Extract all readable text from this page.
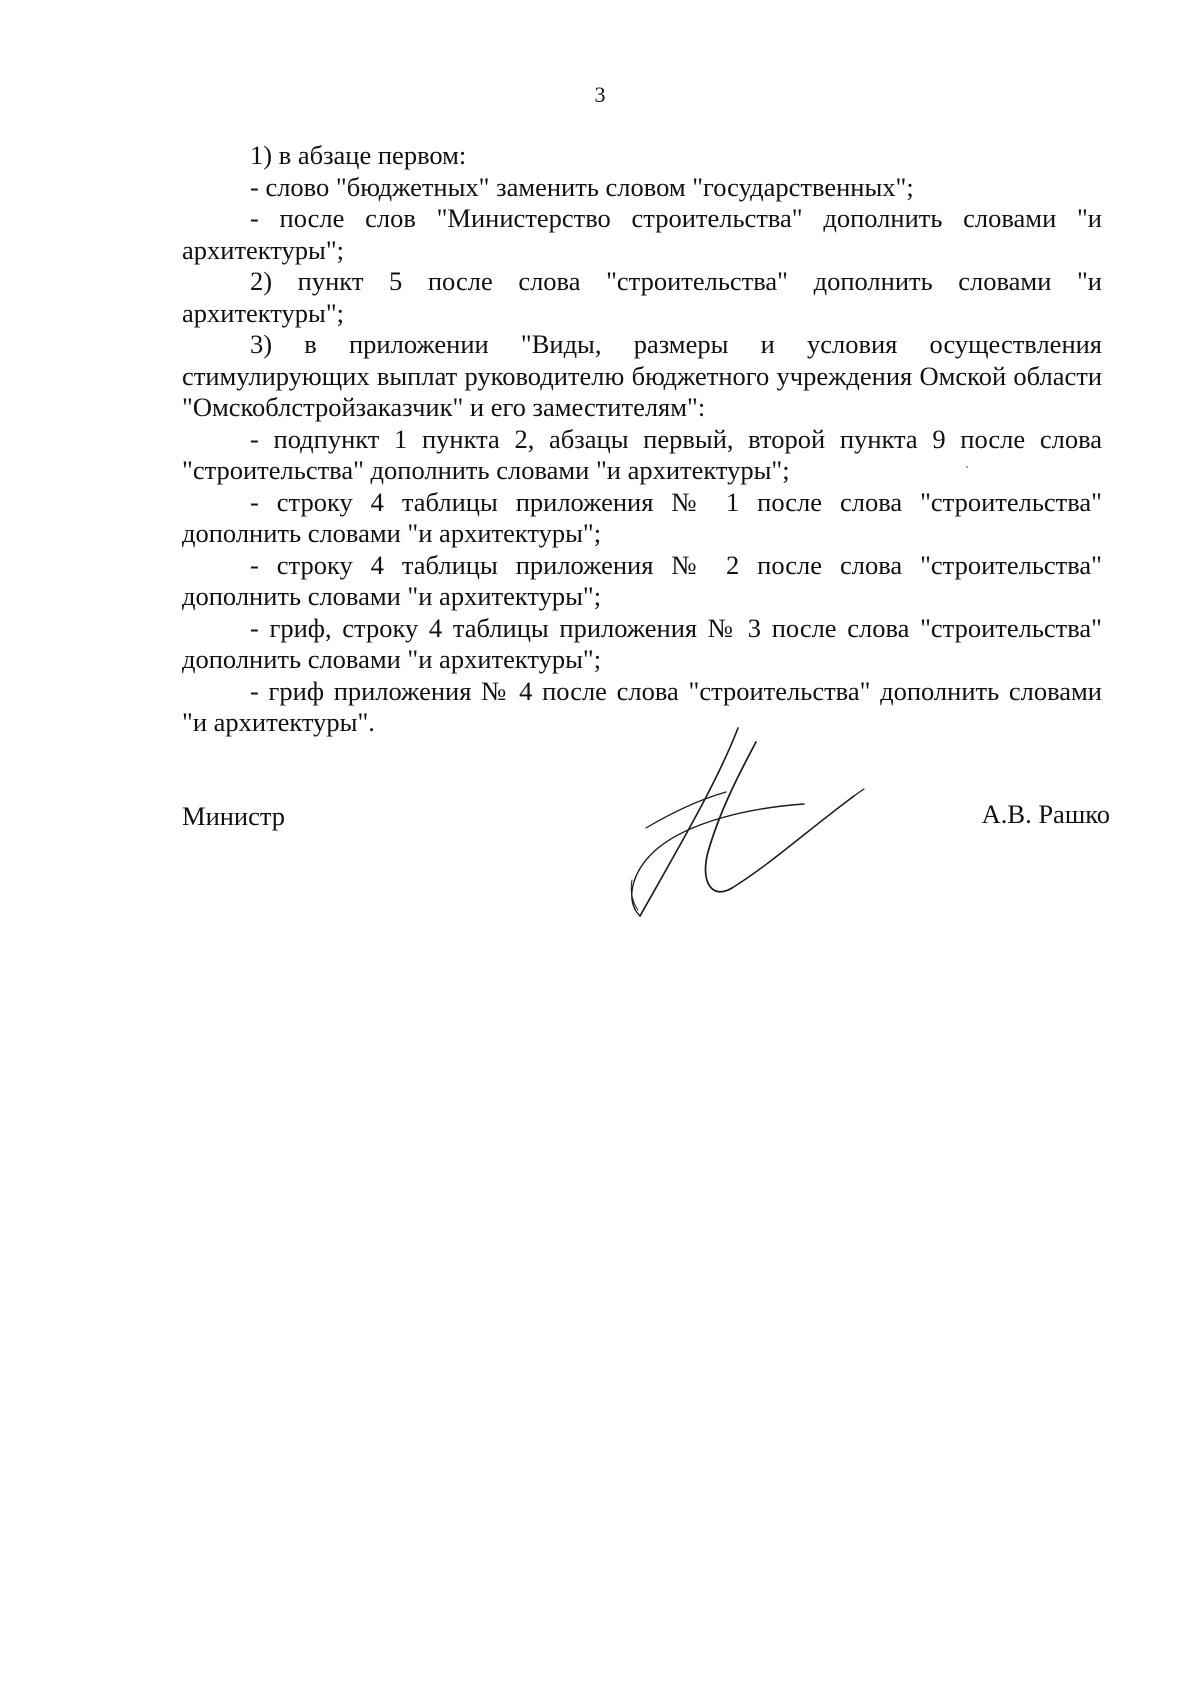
3

1) в абзаце первом:

- слово "бюджетных" заменить словом "государственных";

- после слов "Министерство строительства" дополнить словами "и архитектуры";

2) пункт 5 после слова "строительства" дополнить словами "и архитектуры";

3) в приложении "Виды, размеры и условия осуществления стимулирующих выплат руководителю бюджетного учреждения Омской области "Омскоблстройзаказчик" и его заместителям":

- подпункт 1 пункта 2, абзацы первый, второй пункта 9 после слова "строительства" дополнить словами "и архитектуры";

- строку 4 таблицы приложения № 1 после слова "строительства" дополнить словами "и архитектуры";

- строку 4 таблицы приложения № 2 после слова "строительства" дополнить словами "и архитектуры";

- гриф, строку 4 таблицы приложения № 3 после слова "строительства" дополнить словами "и архитектуры";

- гриф приложения № 4 после слова "строительства" дополнить словами "и архитектуры".

Министр	А.В. Рашко
